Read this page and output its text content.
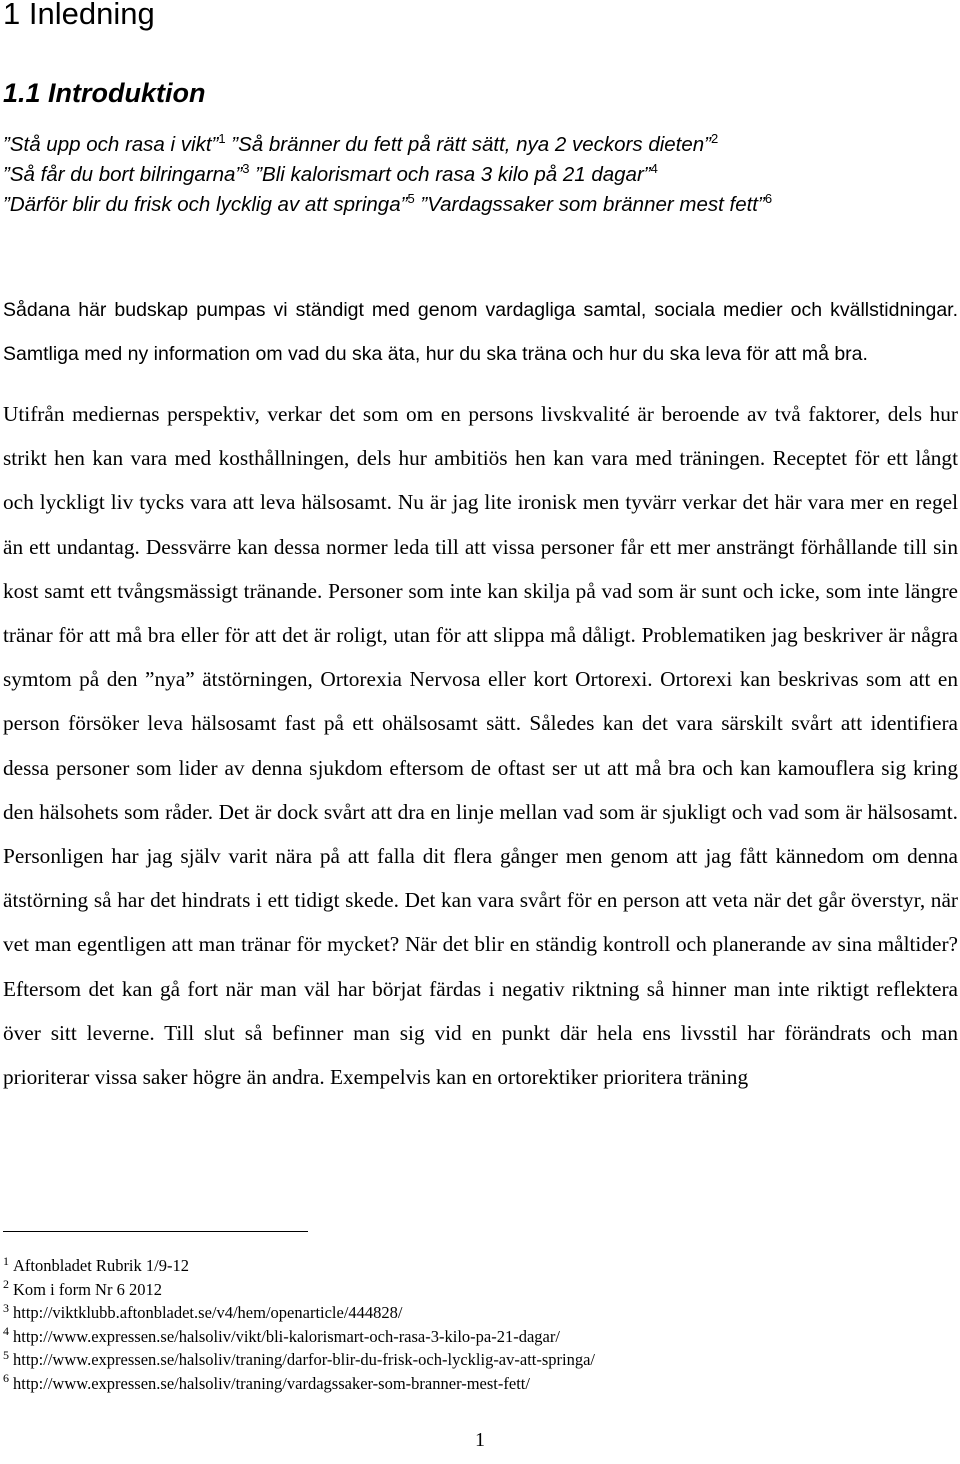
1 Inledning
1.1 Introduktion
”Stå upp och rasa i vikt”$^1$ ”Så bränner du fett på rätt sätt, nya 2 veckors dieten”$^2$
”Så får du bort bilringarna”$^3$ ”Bli kalorismart och rasa 3 kilo på 21 dagar”$^4$
”Därför blir du frisk och lycklig av att springa”$^5$ ”Vardagssaker som bränner mest fett”$^6$
Sådana här budskap pumpas vi ständigt med genom vardagliga samtal, sociala medier och kvällstidningar. Samtliga med ny information om vad du ska äta, hur du ska träna och hur du ska leva för att må bra.
Utifrån mediernas perspektiv, verkar det som om en persons livskvalité är beroende av två faktorer, dels hur strikt hen kan vara med kosthållningen, dels hur ambitiös hen kan vara med träningen. Receptet för ett långt och lyckligt liv tycks vara att leva hälsosamt. Nu är jag lite ironisk men tyvärr verkar det här vara mer en regel än ett undantag. Dessvärre kan dessa normer leda till att vissa personer får ett mer ansträngt förhållande till sin kost samt ett tvångsmässigt tränande. Personer som inte kan skilja på vad som är sunt och icke, som inte längre tränar för att må bra eller för att det är roligt, utan för att slippa må dåligt. Problematiken jag beskriver är några symtom på den ”nya” ätstörningen, Ortorexia Nervosa eller kort Ortorexi. Ortorexi kan beskrivas som att en person försöker leva hälsosamt fast på ett ohälsosamt sätt. Således kan det vara särskilt svårt att identifiera dessa personer som lider av denna sjukdom eftersom de oftast ser ut att må bra och kan kamouflera sig kring den hälsohets som råder. Det är dock svårt att dra en linje mellan vad som är sjukligt och vad som är hälsosamt. Personligen har jag själv varit nära på att falla dit flera gånger men genom att jag fått kännedom om denna ätstörning så har det hindrats i ett tidigt skede. Det kan vara svårt för en person att veta när det går överstyr, när vet man egentligen att man tränar för mycket? När det blir en ständig kontroll och planerande av sina måltider? Eftersom det kan gå fort när man väl har börjat färdas i negativ riktning så hinner man inte riktigt reflektera över sitt leverne. Till slut så befinner man sig vid en punkt där hela ens livsstil har förändrats och man prioriterar vissa saker högre än andra. Exempelvis kan en ortorektiker prioritera träning
$^1$ Aftonbladet Rubrik 1/9-12
$^2$ Kom i form Nr 6 2012
$^3$ http://viktklubb.aftonbladet.se/v4/hem/openarticle/444828/
$^4$ http://www.expressen.se/halsoliv/vikt/bli-kalorismart-och-rasa-3-kilo-pa-21-dagar/
$^5$ http://www.expressen.se/halsoliv/traning/darfor-blir-du-frisk-och-lycklig-av-att-springa/
$^6$ http://www.expressen.se/halsoliv/traning/vardagssaker-som-branner-mest-fett/
1
